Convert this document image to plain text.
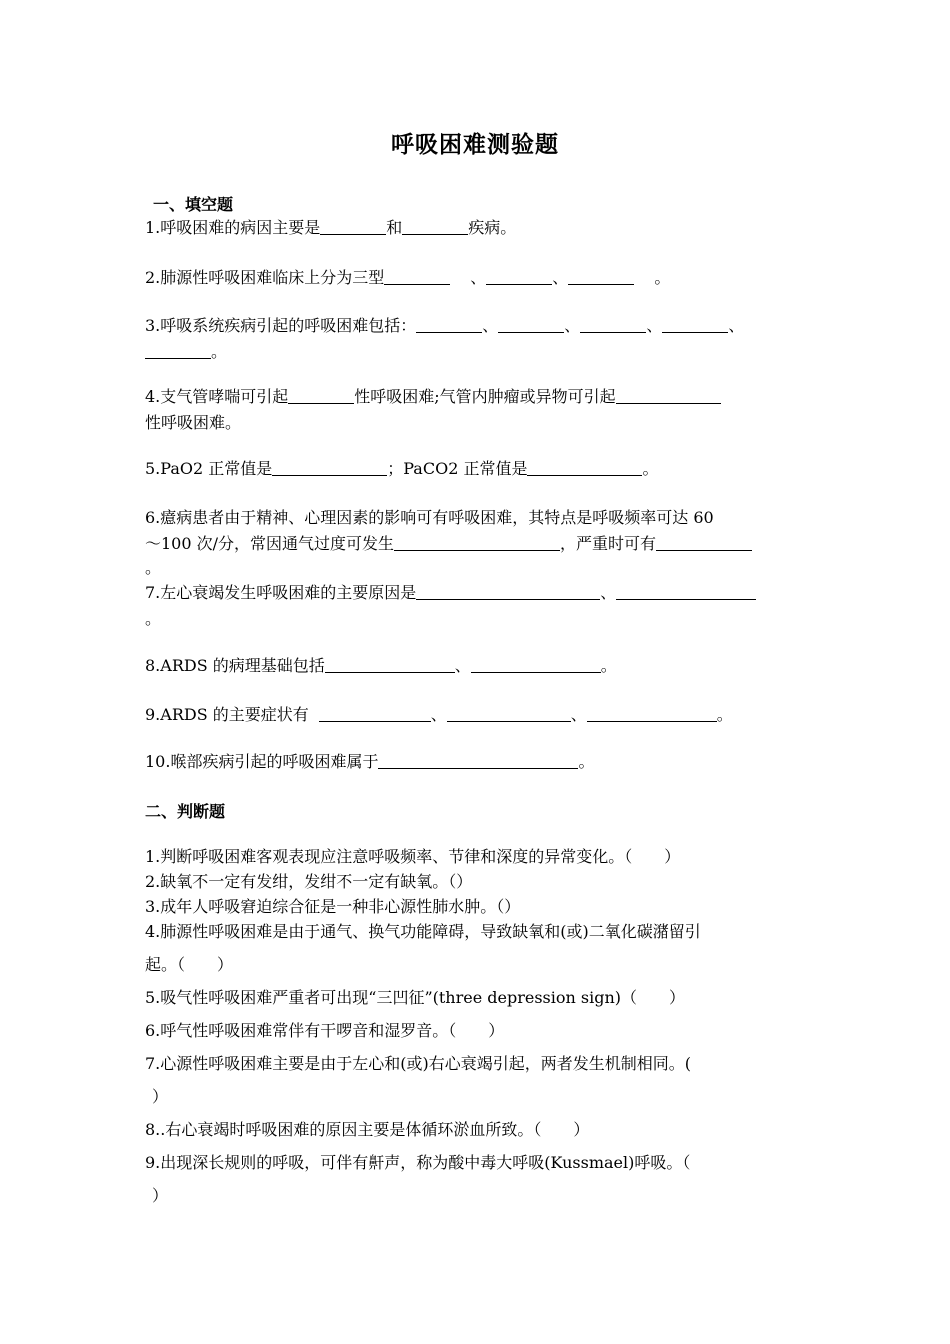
呼吸困难测验题
一、填空题
1.呼吸困难的病因主要是	和	疾病。
2.肺源性呼吸困难临床上分为三型	、	、	。
3.呼吸系统疾病引起的呼吸困难包括：	、	、	、	、
。
4.支气管哮喘可引起	性呼吸困难;气管内肿瘤或异物可引起
性呼吸困难。
5.PaO2 正常值是	；PaCO2 正常值是	。
6.癔病患者由于精神、心理因素的影响可有呼吸困难，其特点是呼吸频率可达 60
～100 次/分，常因通气过度可发生	，严重时可有
。
7.左心衰竭发生呼吸困难的主要原因是	、
。
8.ARDS 的病理基础包括	、	。
9.ARDS 的主要症状有	、	、	。
10.喉部疾病引起的呼吸困难属于	。
二、判断题
1.判断呼吸困难客观表现应注意呼吸频率、节律和深度的异常变化。（　　）
2.缺氧不一定有发绀，发绀不一定有缺氧。（）
3.成年人呼吸窘迫综合征是一种非心源性肺水肿。（）
4.肺源性呼吸困难是由于通气、换气功能障碍，导致缺氧和(或)二氧化碳潴留引
起。（　　）
5.吸气性呼吸困难严重者可出现“三凹征”(three depression sign)（　　）
6.呼气性呼吸困难常伴有干啰音和湿罗音。（　　）
7.心源性呼吸困难主要是由于左心和(或)右心衰竭引起，两者发生机制相同。(
）
8..右心衰竭时呼吸困难的原因主要是体循环淤血所致。（　　）
9.出现深长规则的呼吸，可伴有鼾声，称为酸中毒大呼吸(Kussmael)呼吸。（
）
